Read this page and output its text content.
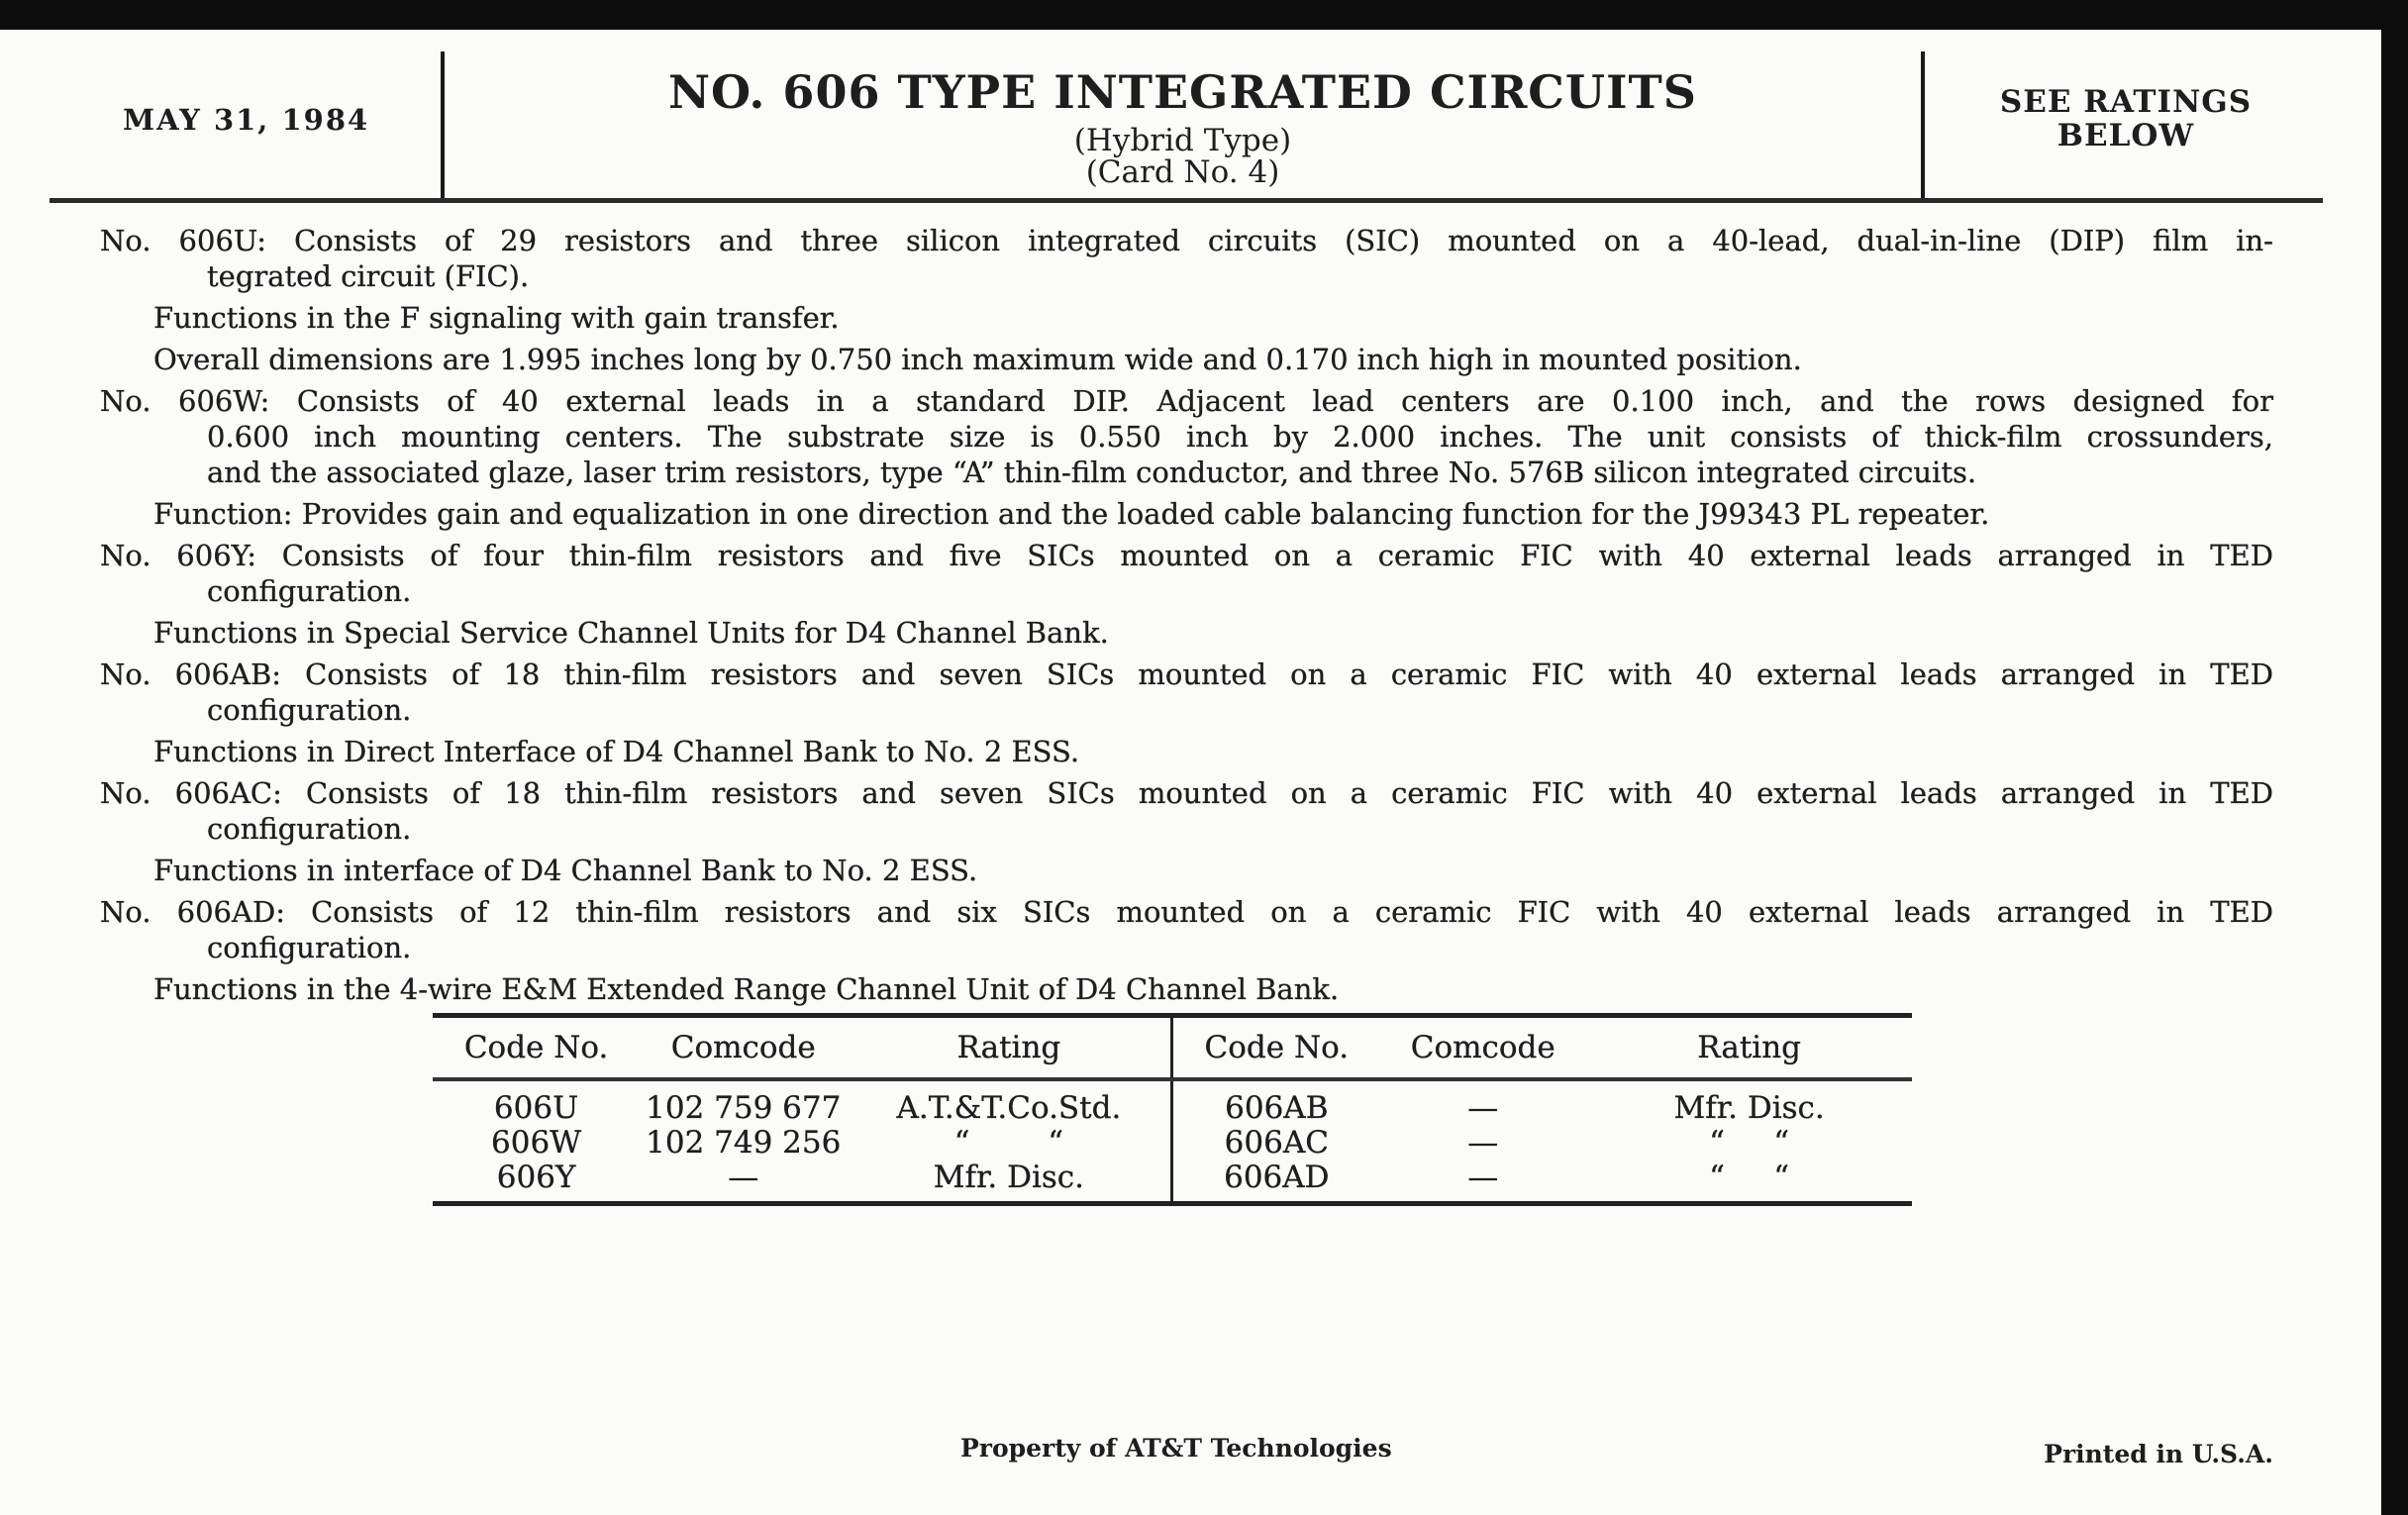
MAY 31, 1984
NO. 606 TYPE INTEGRATED CIRCUITS
(Hybrid Type)
(Card No. 4)
SEE RATINGS
BELOW
No. 606U: Consists of 29 resistors and three silicon integrated circuits (SIC) mounted on a 40-lead, dual-in-line (DIP) film in-
tegrated circuit (FIC).
Functions in the F signaling with gain transfer.
Overall dimensions are 1.995 inches long by 0.750 inch maximum wide and 0.170 inch high in mounted position.
No. 606W: Consists of 40 external leads in a standard DIP. Adjacent lead centers are 0.100 inch, and the rows designed for
0.600 inch mounting centers. The substrate size is 0.550 inch by 2.000 inches. The unit consists of thick-film crossunders,
and the associated glaze, laser trim resistors, type “A” thin-film conductor, and three No. 576B silicon integrated circuits.
Function: Provides gain and equalization in one direction and the loaded cable balancing function for the J99343 PL repeater.
No. 606Y: Consists of four thin-film resistors and five SICs mounted on a ceramic FIC with 40 external leads arranged in TED
configuration.
Functions in Special Service Channel Units for D4 Channel Bank.
No. 606AB: Consists of 18 thin-film resistors and seven SICs mounted on a ceramic FIC with 40 external leads arranged in TED
configuration.
Functions in Direct Interface of D4 Channel Bank to No. 2 ESS.
No. 606AC: Consists of 18 thin-film resistors and seven SICs mounted on a ceramic FIC with 40 external leads arranged in TED
configuration.
Functions in interface of D4 Channel Bank to No. 2 ESS.
No. 606AD: Consists of 12 thin-film resistors and six SICs mounted on a ceramic FIC with 40 external leads arranged in TED
configuration.
Functions in the 4-wire E&M Extended Range Channel Unit of D4 Channel Bank.
Code No.	Comcode	Rating	Code No.	Comcode	Rating
606U	102 759 677	A.T.&T.Co.Std.	606AB	—	Mfr. Disc.
606W	102 749 256	“        “	606AC	—	“     “
606Y	—	Mfr. Disc.	606AD	—	“     “
Property of AT&T Technologies	Printed in U.S.A.
